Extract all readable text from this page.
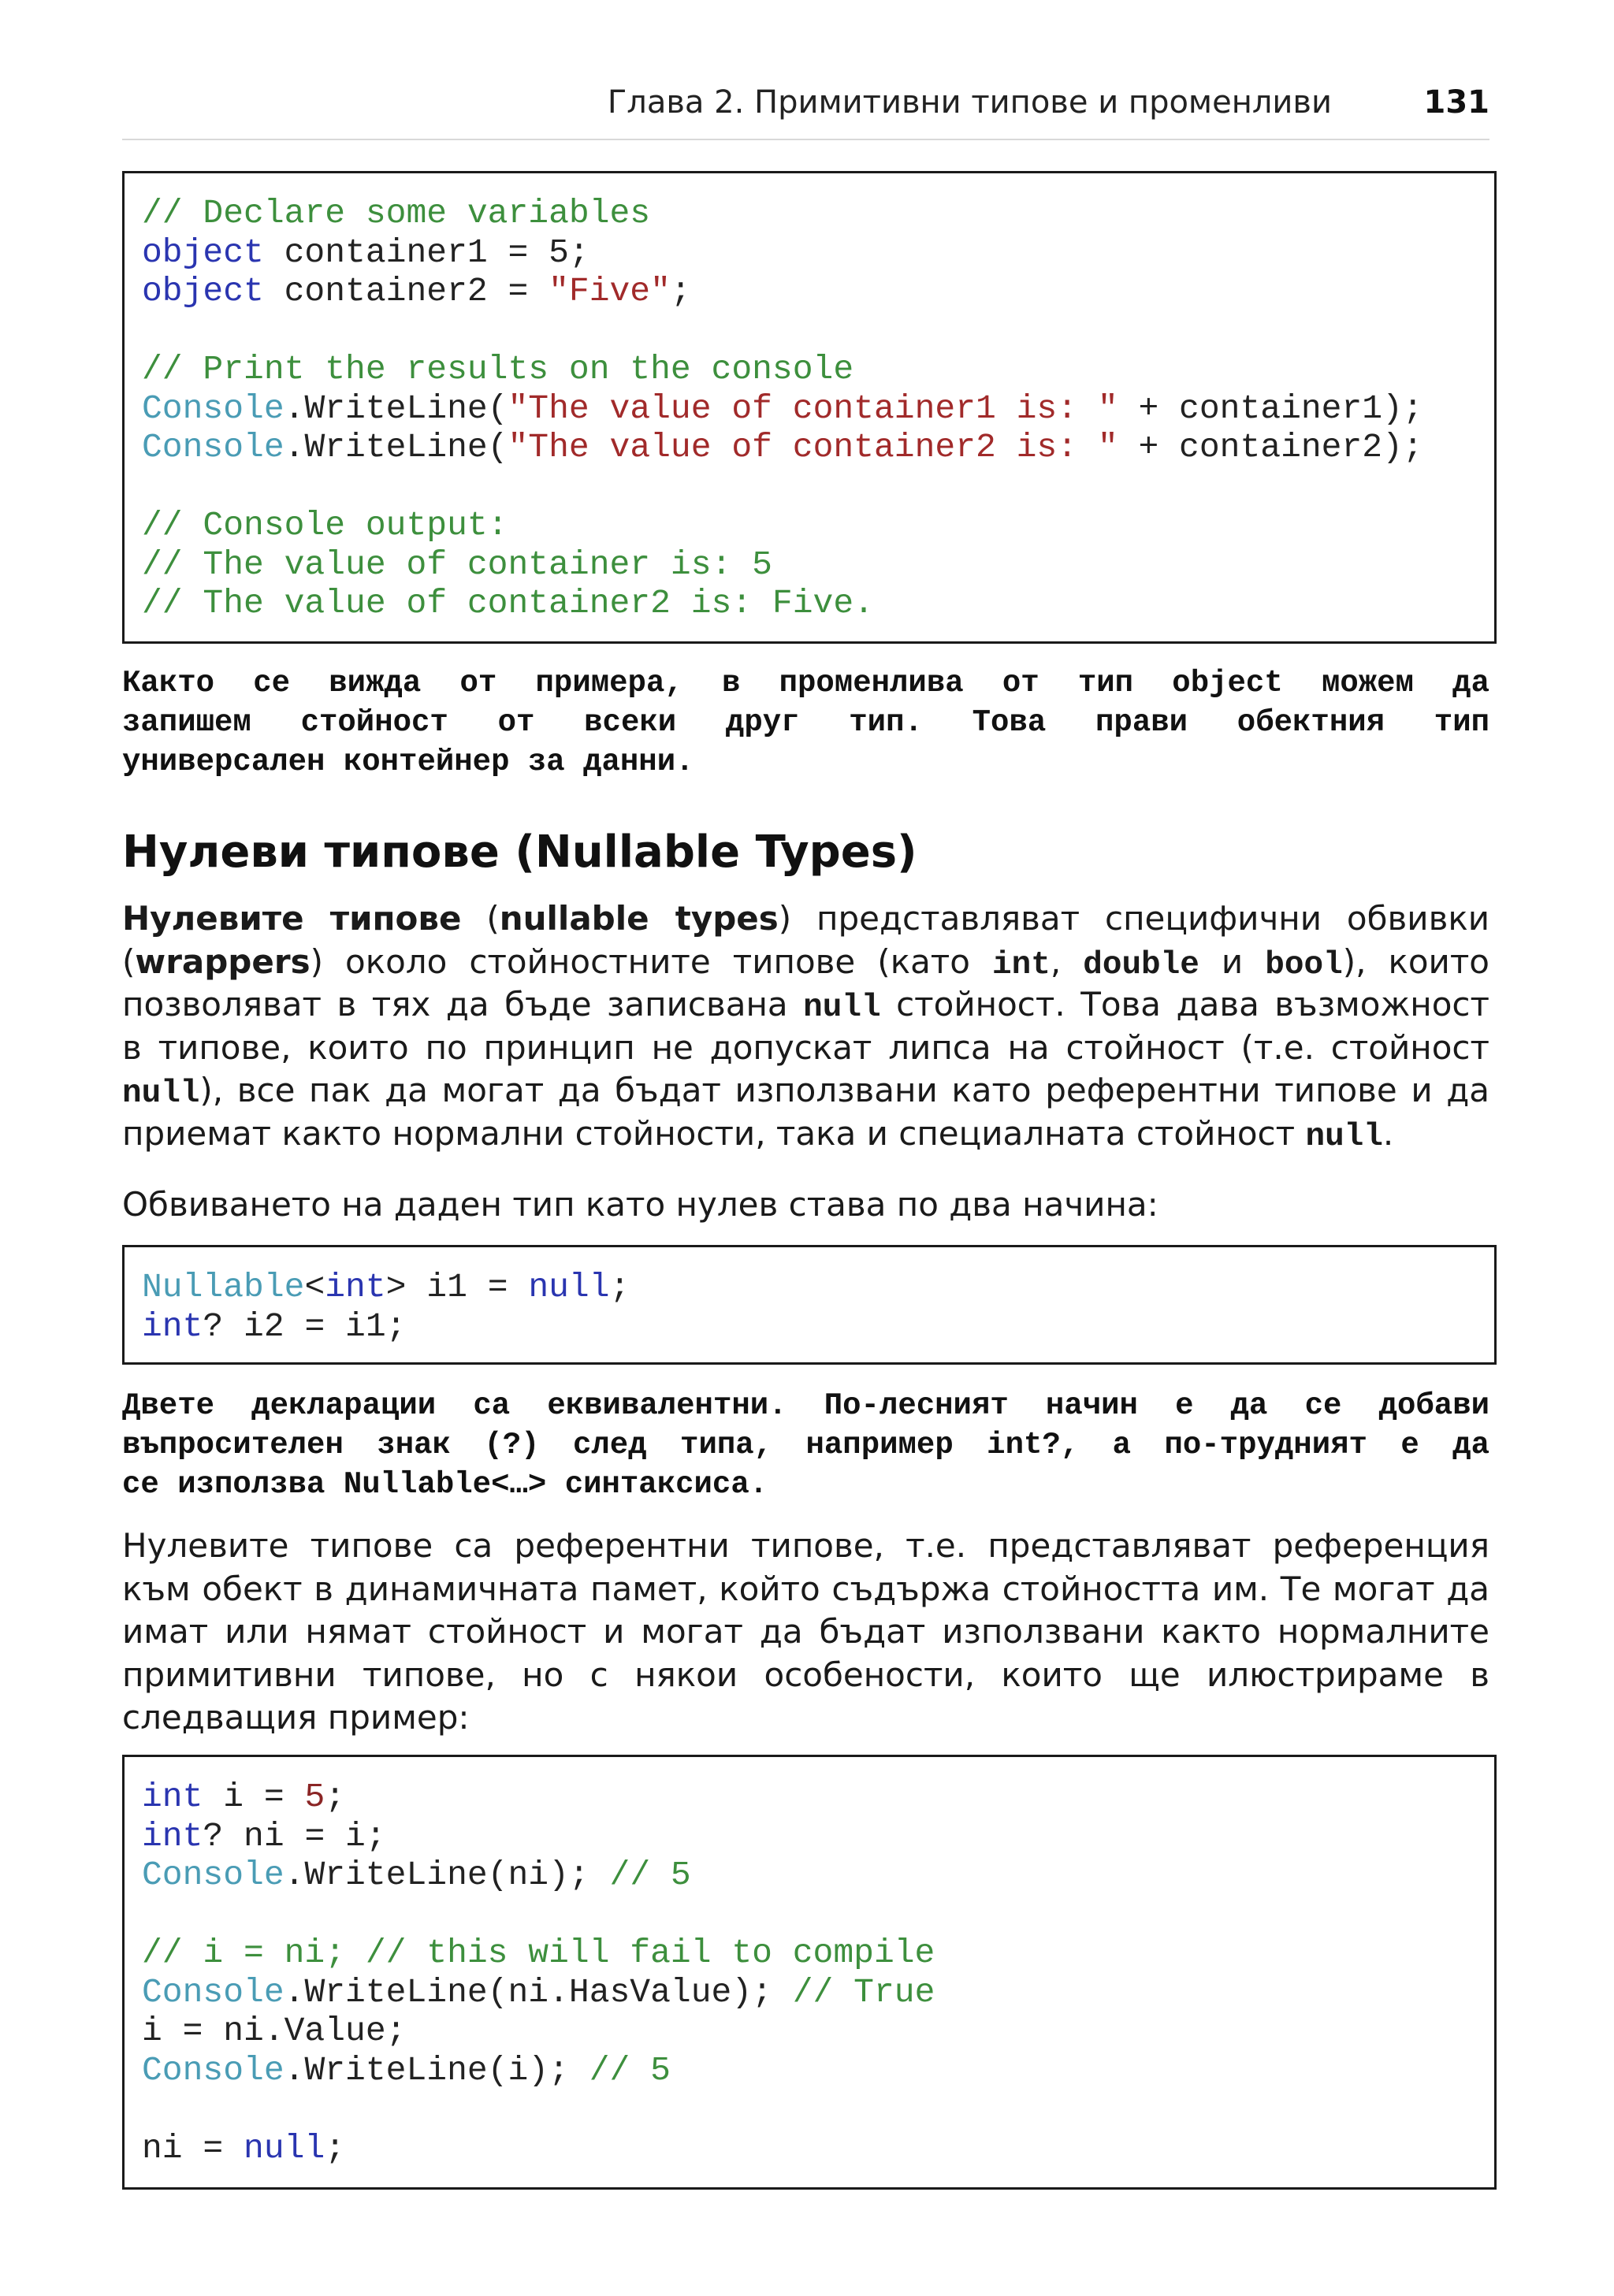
Глава 2. Примитивни типове и променливи	131
// Declare some variables
object container1 = 5;
object container2 = "Five";

// Print the results on the console
Console.WriteLine("The value of container1 is: " + container1);
Console.WriteLine("The value of container2 is: " + container2);

// Console output:
// The value of container is: 5
// The value of container2 is: Five.
Както се вижда от примера, в променлива от тип object можем да
запишем стойност от всеки друг тип. Това прави обектния тип
универсален контейнер за данни.
Нулеви типове (Nullable Types)
Нулевите типове (nullable types) представляват специфични обвивки
(wrappers) около стойностните типове (като int, double и bool), които
позволяват в тях да бъде записвана null стойност. Това дава възможност
в типове, които по принцип не допускат липса на стойност (т.е. стойност
null), все пак да могат да бъдат използвани като референтни типове и да
приемат както нормални стойности, така и специалната стойност null.
Обвиването на даден тип като нулев става по два начина:
Nullable<int> i1 = null;
int? i2 = i1;
Двете декларации са еквивалентни. По-лесният начин е да се добави
въпросителен знак (?) след типа, например int?, а по-трудният е да
се използва Nullable<…> синтаксиса.
Нулевите типове са референтни типове, т.е. представляват референция
към обект в динамичната памет, който съдържа стойността им. Те могат да
имат или нямат стойност и могат да бъдат използвани както нормалните
примитивни типове, но с някои особености, които ще илюстрираме в
следващия пример:
int i = 5;
int? ni = i;
Console.WriteLine(ni); // 5

// i = ni; // this will fail to compile
Console.WriteLine(ni.HasValue); // True
i = ni.Value;
Console.WriteLine(i); // 5

ni = null;
